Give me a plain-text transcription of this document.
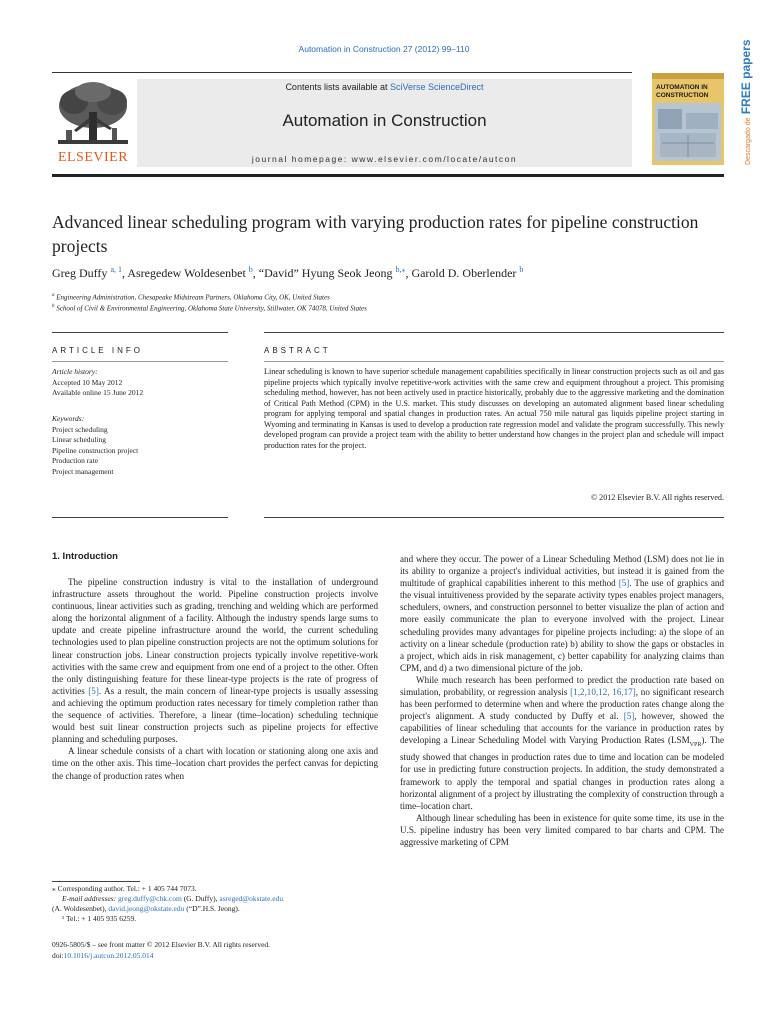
Automation in Construction 27 (2012) 99–110
ELSEVIER
Contents lists available at SciVerse ScienceDirect
Automation in Construction
journal homepage: www.elsevier.com/locate/autcon
AUTOMATION IN
CONSTRUCTION
Descargado de FREE papers
Advanced linear scheduling program with varying production rates for pipeline construction projects
Greg Duffy $^{a, 1}$, Asregedew Woldesenbet $^b$, “David” Hyung Seok Jeong $^{b,⁎}$, Garold D. Oberlender $^b$
$^a$ Engineering Administration, Chesapeake Midstream Partners, Oklahoma City, OK, United States
$^b$ School of Civil & Environmental Engineering, Oklahoma State University, Stillwater, OK 74078, United States
ARTICLE INFO
Article history:
Accepted 10 May 2012
Available online 15 June 2012
Keywords:
Project scheduling
Linear scheduling
Pipeline construction project
Production rate
Project management
ABSTRACT
Linear scheduling is known to have superior schedule management capabilities specifically in linear construction projects such as oil and gas pipeline projects which typically involve repetitive-work activities with the same crew and equipment throughout a project. This promising scheduling method, however, has not been actively used in practice historically, probably due to the aggressive marketing and the domination of Critical Path Method (CPM) in the U.S. market. This study discusses on developing an automated alignment based linear scheduling program for applying temporal and spatial changes in production rates. An actual 750 mile natural gas liquids pipeline project starting in Wyoming and terminating in Kansas is used to develop a production rate regression model and validate the program successfully. This newly developed program can provide a project team with the ability to better understand how changes in the project plan and schedule will impact production rates for the project.
© 2012 Elsevier B.V. All rights reserved.
1. Introduction

The pipeline construction industry is vital to the installation of underground infrastructure assets throughout the world. Pipeline construction projects involve continuous, linear activities such as grading, trenching and welding which are performed along the horizontal alignment of a facility. Although the industry spends large sums to update and create pipeline infrastructure around the world, the current scheduling technologies used to plan pipeline construction projects are not the optimum solutions for linear construction jobs. Linear construction projects typically involve repetitive-work activities with the same crew and equipment from one end of a project to the other. Often the only distinguishing feature for these linear-type projects is the rate of progress of activities [5]. As a result, the main concern of linear-type projects is usually assessing and achieving the optimum production rates necessary for timely completion rather than the sequence of activities. Therefore, a linear (time–location) scheduling technique would best suit linear construction projects such as pipeline projects for effective planning and scheduling purposes.

A linear schedule consists of a chart with location or stationing along one axis and time on the other axis. This time–location chart provides the perfect canvas for depicting the change of production rates when

and where they occur. The power of a Linear Scheduling Method (LSM) does not lie in its ability to organize a project's individual activities, but instead it is gained from the multitude of graphical capabilities inherent to this method [5]. The use of graphics and the visual intuitiveness provided by the separate activity types enables project managers, schedulers, owners, and construction personnel to better visualize the plan of action and more easily communicate the plan to everyone involved with the project. Linear scheduling provides many advantages for pipeline projects including: a) the slope of an activity on a linear schedule (production rate) b) ability to show the gaps or obstacles in a project, which aids in risk management, c) better capability for analyzing claims than CPM, and d) a two dimensional picture of the job.

While much research has been performed to predict the production rate based on simulation, probability, or regression analysis [1,2,10,12, 16,17], no significant research has been performed to determine when and where the production rates change along the project's alignment. A study conducted by Duffy et al. [5], however, showed the capabilities of linear scheduling that accounts for the variance in production rates by developing a Linear Scheduling Model with Varying Production Rates $(LSM_{VPR})$. The study showed that changes in production rates due to time and location can be modeled for use in predicting future construction projects. In addition, the study demonstrated a framework to apply the temporal and spatial changes in production rates along a horizontal alignment of a project by illustrating the complexity of construction through a time–location chart.

Although linear scheduling has been in existence for quite some time, its use in the U.S. pipeline industry has been very limited compared to bar charts and CPM. The aggressive marketing of CPM

⁎ Corresponding author. Tel.: + 1 405 744 7073.
E-mail addresses: greg.duffy@chk.com (G. Duffy), asreged@okstate.edu
(A. Woldesenbet), david.jeong@okstate.edu (“D”.H.S. Jeong).
¹ Tel.: + 1 405 935 6259.
0926-5805/$ – see front matter © 2012 Elsevier B.V. All rights reserved.
doi:10.1016/j.autcon.2012.05.014
